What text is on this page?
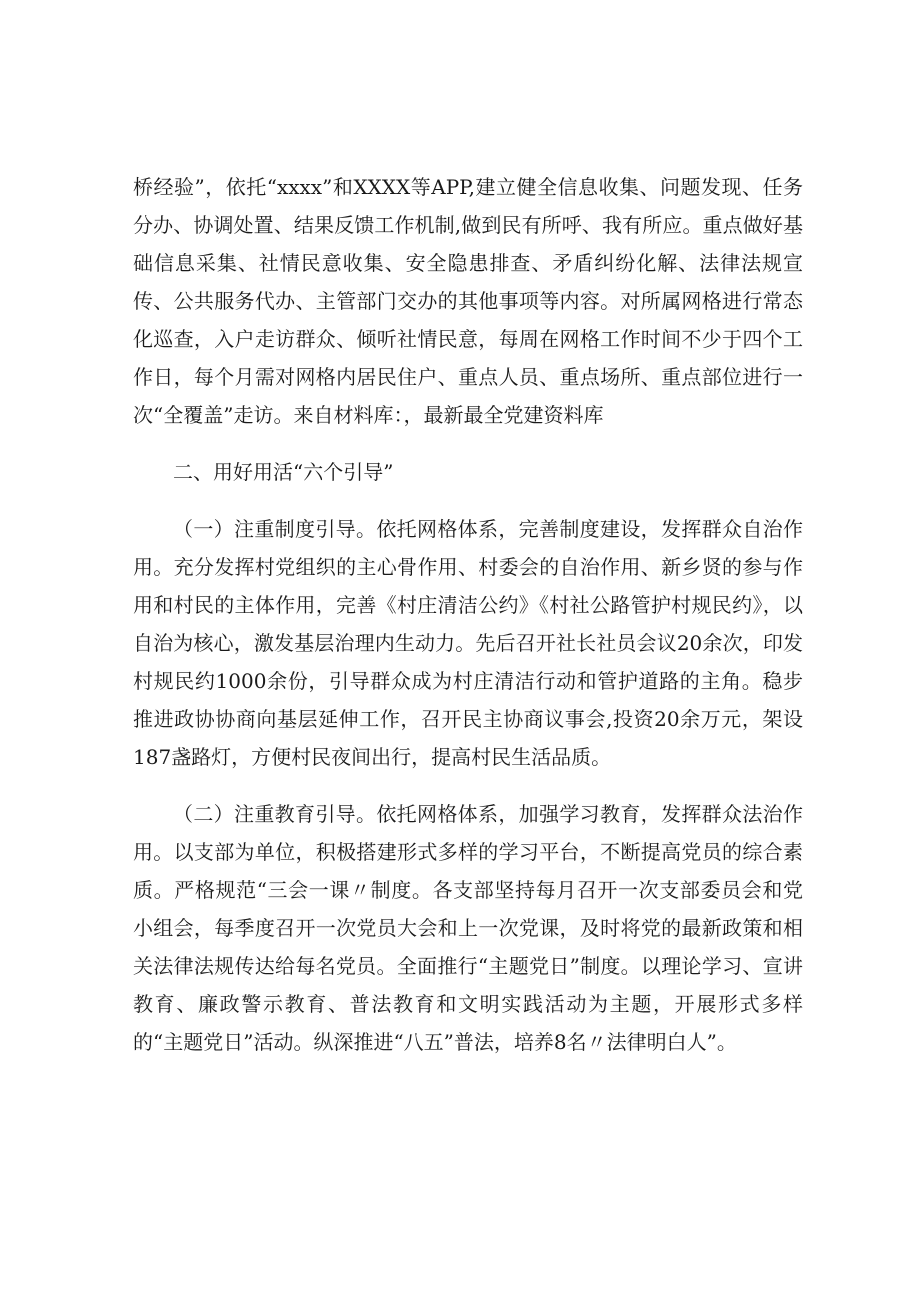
桥经验”，依托“xxxx”和XXXX等APP,建立健全信息收集、问题发现、任务分办、协调处置、结果反馈工作机制,做到民有所呼、我有所应。重点做好基础信息采集、社情民意收集、安全隐患排查、矛盾纠纷化解、法律法规宣传、公共服务代办、主管部门交办的其他事项等内容。对所属网格进行常态化巡查，入户走访群众、倾听社情民意，每周在网格工作时间不少于四个工作日，每个月需对网格内居民住户、重点人员、重点场所、重点部位进行一次“全覆盖”走访。来自材料库：，最新最全党建资料库

二、用好用活“六个引导”

（一）注重制度引导。依托网格体系，完善制度建设，发挥群众自治作用。充分发挥村党组织的主心骨作用、村委会的自治作用、新乡贤的参与作用和村民的主体作用，完善《村庄清洁公约》《村社公路管护村规民约》，以自治为核心，激发基层治理内生动力。先后召开社长社员会议20余次，印发村规民约1000余份，引导群众成为村庄清洁行动和管护道路的主角。稳步推进政协协商向基层延伸工作，召开民主协商议事会,投资20余万元，架设187盏路灯，方便村民夜间出行，提高村民生活品质。

（二）注重教育引导。依托网格体系，加强学习教育，发挥群众法治作用。以支部为单位，积极搭建形式多样的学习平台，不断提高党员的综合素质。严格规范“三会一课〃制度。各支部坚持每月召开一次支部委员会和党小组会，每季度召开一次党员大会和上一次党课，及时将党的最新政策和相关法律法规传达给每名党员。全面推行“主题党日”制度。以理论学习、宣讲教育、廉政警示教育、普法教育和文明实践活动为主题，开展形式多样的“主题党日”活动。纵深推进“八五”普法，培养8名〃法律明白人”。
